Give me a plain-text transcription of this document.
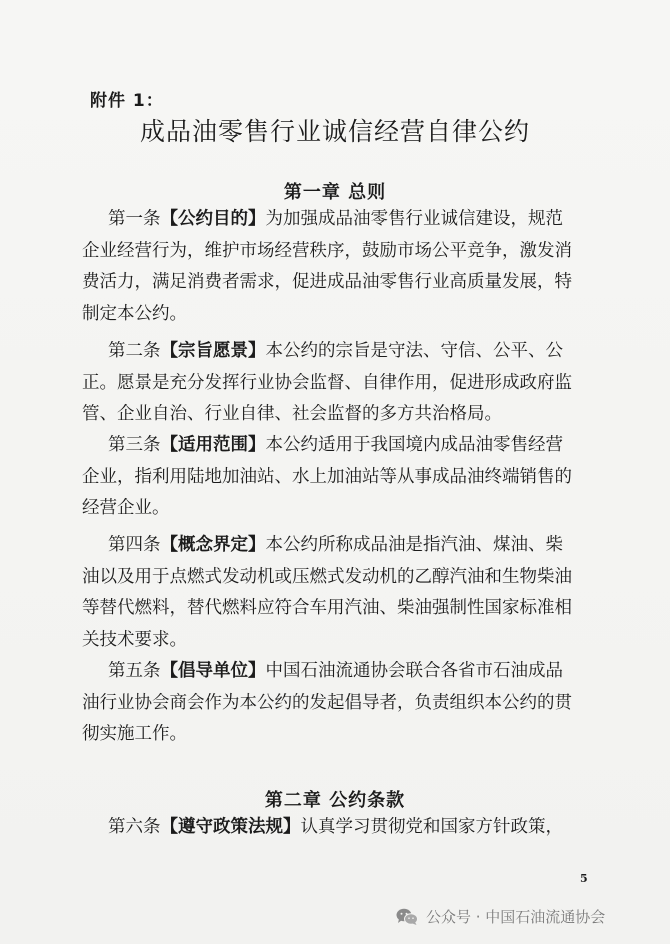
附件 1：
成品油零售行业诚信经营自律公约
第一章 总则
第一条【公约目的】为加强成品油零售行业诚信建设，规范
企业经营行为，维护市场经营秩序，鼓励市场公平竞争，激发消
费活力，满足消费者需求，促进成品油零售行业高质量发展，特
制定本公约。
第二条【宗旨愿景】本公约的宗旨是守法、守信、公平、公
正。愿景是充分发挥行业协会监督、自律作用，促进形成政府监
管、企业自治、行业自律、社会监督的多方共治格局。
第三条【适用范围】本公约适用于我国境内成品油零售经营
企业，指利用陆地加油站、水上加油站等从事成品油终端销售的
经营企业。
第四条【概念界定】本公约所称成品油是指汽油、煤油、柴
油以及用于点燃式发动机或压燃式发动机的乙醇汽油和生物柴油
等替代燃料，替代燃料应符合车用汽油、柴油强制性国家标准相
关技术要求。
第五条【倡导单位】中国石油流通协会联合各省市石油成品
油行业协会商会作为本公约的发起倡导者，负责组织本公约的贯
彻实施工作。
第二章 公约条款
第六条【遵守政策法规】认真学习贯彻党和国家方针政策，
5
公众号 · 中国石油流通协会
